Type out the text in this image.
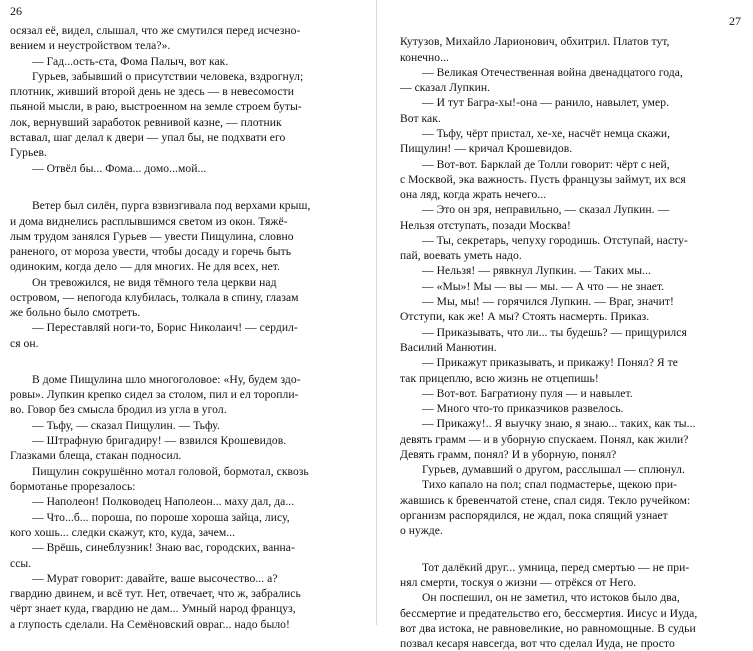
26
осязал её, видел, слышал, что же смутился перед исчезно-
вением и неустройством тела?».
— Гад...ость-ста, Фома Палыч, вот как.
Гурьев, забывший о присутствии человека, вздрогнул;
плотник, живший второй день не здесь — в невесомости
пьяной мысли, в раю, выстроенном на земле строем буты-
лок, вернувший заработок ревнивой казне, — плотник
вставал, шаг делал к двери — упал бы, не подхвати его
Гурьев.
— Отвёл бы... Фома... домо...мой...
Ветер был силён, пурга взвизгивала под верхами крыш,
и дома виднелись расплывшимся светом из окон. Тяжё-
лым трудом занялся Гурьев — увести Пищулина, словно
раненого, от мороза увести, чтобы досаду и горечь быть
одиноким, когда дело — для многих. Не для всех, нет.
Он тревожился, не видя тёмного тела церкви над
островом, — непогода клубилась, толкала в спину, глазам
же больно было смотреть.
— Переставляй ноги-то, Борис Николаич! — сердил-
ся он.
В доме Пищулина шло многоголовое: «Ну, будем здо-
ровы». Лупкин крепко сидел за столом, пил и ел торопли-
во. Говор без смысла бродил из угла в угол.
— Тьфу, — сказал Пищулин. — Тьфу.
— Штрафную бригадиру! — взвился Крошевидов.
Глазками блеща, стакан подносил.
Пищулин сокрушённо мотал головой, бормотал, сквозь
бормотанье прорезалось:
— Наполеон! Полководец Наполеон... маху дал, да...
— Что...б... пороша, по пороше хороша зайца, лису,
кого хошь... следки скажут, кто, куда, зачем...
— Врёшь, синеблузник! Знаю вас, городских, ванна-
ссы.
— Мурат говорит: давайте, ваше высочество... а?
гвардию двинем, и всё тут. Нет, отвечает, что ж, забрались
чёрт знает куда, гвардию не дам... Умный народ француз,
а глупость сделали. На Семёновский овраг... надо было!
27
Кутузов, Михайло Ларионович, обхитрил. Платов тут,
конечно...
— Великая Отечественная война двенадцатого года,
— сказал Лупкин.
— И тут Багра-хы!-она — ранило, навылет, умер.
Вот как.
— Тьфу, чёрт пристал, хе-хе, насчёт немца скажи,
Пищулин! — кричал Крошевидов.
— Вот-вот. Барклай де Толли говорит: чёрт с ней,
с Москвой, эка важность. Пусть французы займут, их вся
она ляд, когда жрать нечего...
— Это он зря, неправильно, — сказал Лупкин. —
Нельзя отступать, позади Москва!
— Ты, секретарь, чепуху городишь. Отступай, насту-
пай, воевать уметь надо.
— Нельзя! — рявкнул Лупкин. — Таких мы...
— «Мы»! Мы — вы — мы. — А что — не знает.
— Мы, мы! — горячился Лупкин. — Враг, значит!
Отступи, как же! А мы? Стоять насмерть. Приказ.
— Приказывать, что ли... ты будешь? — прищурился
Василий Манютин.
— Прикажут приказывать, и прикажу! Понял? Я те
так прицеплю, всю жизнь не отцепишь!
— Вот-вот. Багратиону пуля — и навылет.
— Много что-то приказчиков развелось.
— Прикажу!.. Я выучку знаю, я знаю... таких, как ты...
девять грамм — и в уборную спускаем. Понял, как жили?
Девять грамм, понял? И в уборную, понял?
Гурьев, думавший о другом, расслышал — сплюнул.
Тихо капало на пол; спал подмастерье, щекою при-
жавшись к бревенчатой стене, спал сидя. Текло ручейком:
организм распорядился, не ждал, пока спящий узнает
о нужде.
Тот далёкий друг... умница, перед смертью — не при-
нял смерти, тоскуя о жизни — отрёкся от Него.
Он поспешил, он не заметил, что истоков было два,
бессмертие и предательство его, бессмертия. Иисус и Иуда,
вот два истока, не равновеликие, но равномощные. В судьи
позвал кесаря навсегда, вот что сделал Иуда, не просто
